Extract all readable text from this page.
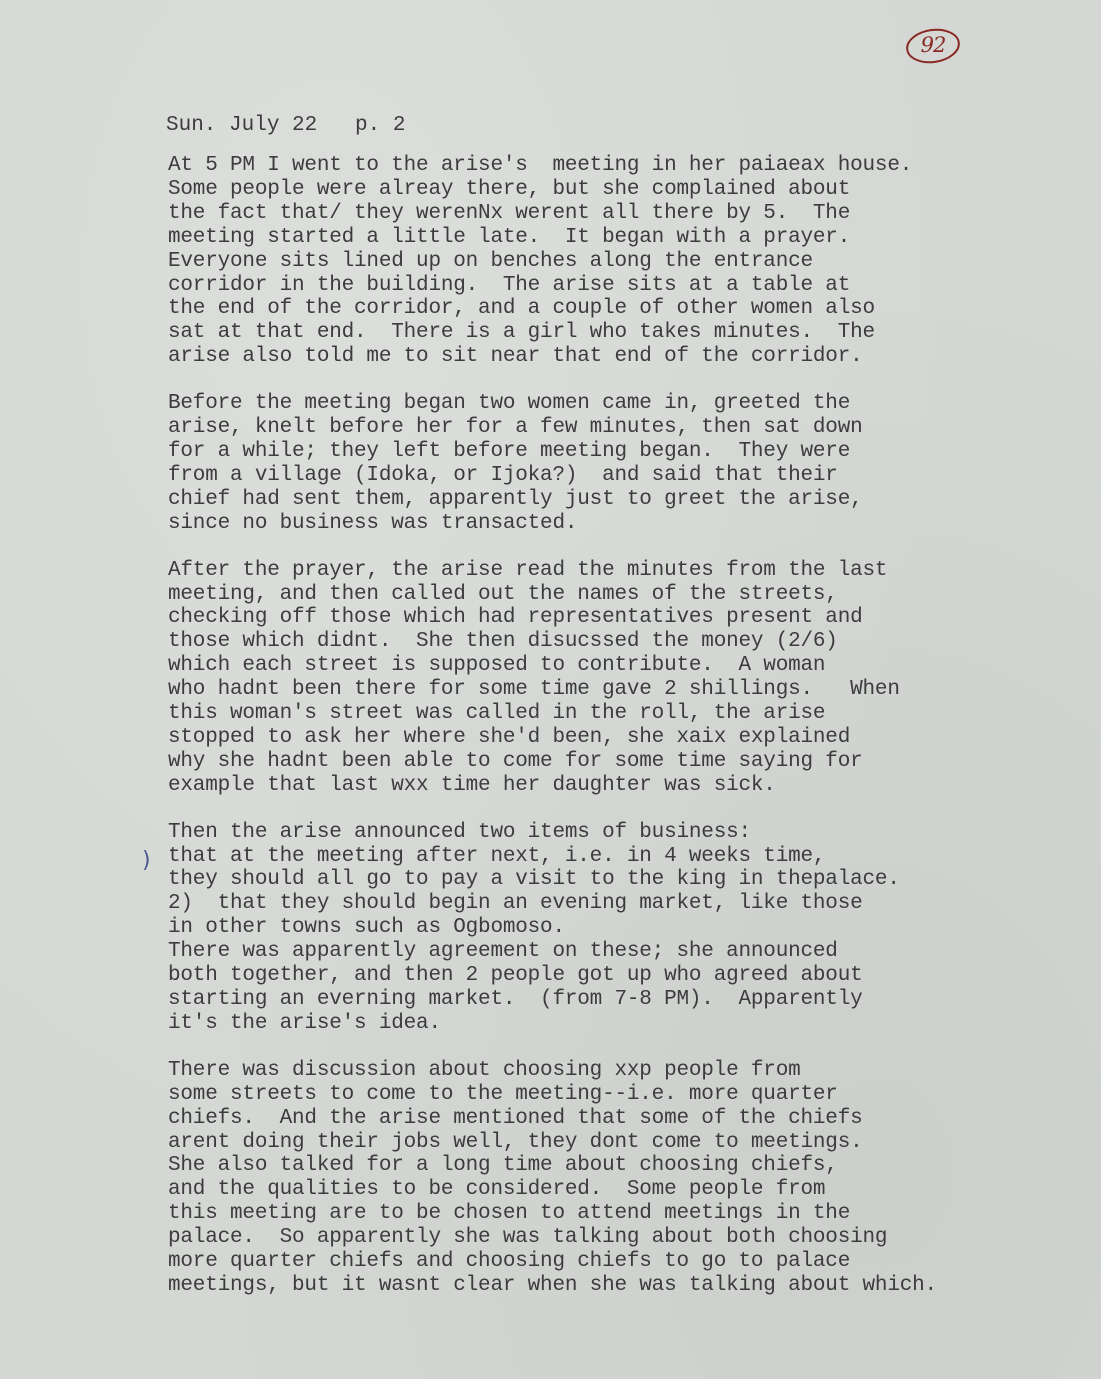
92
Sun. July 22   p. 2
)
At 5 PM I went to the arise's  meeting in her paiaeax house.
Some people were alreay there, but she complained about
the fact that/ they werenNx werent all there by 5.  The
meeting started a little late.  It began with a prayer.
Everyone sits lined up on benches along the entrance
corridor in the building.  The arise sits at a table at
the end of the corridor, and a couple of other women also
sat at that end.  There is a girl who takes minutes.  The
arise also told me to sit near that end of the corridor.
Before the meeting began two women came in, greeted the
arise, knelt before her for a few minutes, then sat down
for a while; they left before meeting began.  They were
from a village (Idoka, or Ijoka?)  and said that their
chief had sent them, apparently just to greet the arise,
since no business was transacted.
After the prayer, the arise read the minutes from the last
meeting, and then called out the names of the streets,
checking off those which had representatives present and
those which didnt.  She then disucssed the money (2/6)
which each street is supposed to contribute.  A woman
who hadnt been there for some time gave 2 shillings.   When
this woman's street was called in the roll, the arise
stopped to ask her where she'd been, she xaix explained
why she hadnt been able to come for some time saying for
example that last wxx time her daughter was sick.
Then the arise announced two items of business:
that at the meeting after next, i.e. in 4 weeks time,
they should all go to pay a visit to the king in thepalace.
2)  that they should begin an evening market, like those
in other towns such as Ogbomoso.
There was apparently agreement on these; she announced
both together, and then 2 people got up who agreed about
starting an everning market.  (from 7-8 PM).  Apparently
it's the arise's idea.
There was discussion about choosing xxp people from
some streets to come to the meeting--i.e. more quarter
chiefs.  And the arise mentioned that some of the chiefs
arent doing their jobs well, they dont come to meetings.
She also talked for a long time about choosing chiefs,
and the qualities to be considered.  Some people from
this meeting are to be chosen to attend meetings in the
palace.  So apparently she was talking about both choosing
more quarter chiefs and choosing chiefs to go to palace
meetings, but it wasnt clear when she was talking about which.
